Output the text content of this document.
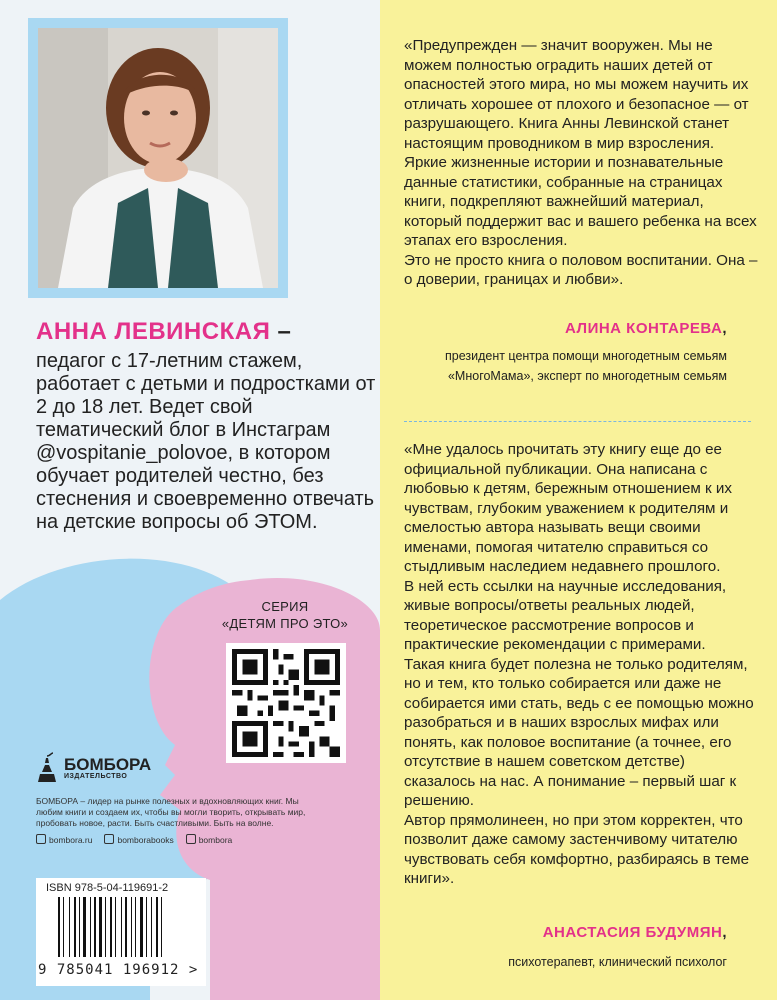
АННА ЛЕВИНСКАЯ –
педагог с 17-летним стажем, работает с детьми и подростками от 2 до 18 лет. Ведет свой тематический блог в Инстаграм @vospitanie_polovoe, в котором обучает родителей честно, без стеснения и своевременно отвечать на детские вопросы об ЭТОМ.
СЕРИЯ
«ДЕТЯМ ПРО ЭТО»
БОМБОРА
ИЗДАТЕЛЬСТВО
БОМБОРА – лидер на рынке полезных и вдохновляющих книг. Мы любим книги и создаем их, чтобы вы могли творить, открывать мир, пробовать новое, расти. Быть счастливыми. Быть на волне.
bombora.ru	bomborabooks	bombora
ISBN 978-5-04-119691-2
9 785041 196912 >

«Предупрежден — значит вооружен. Мы не можем полностью оградить наших детей от опасностей этого мира, но мы можем научить их отличать хорошее от плохого и безопасное — от разрушающего. Книга Анны Левинской станет настоящим проводником в мир взросления.

Яркие жизненные истории и познавательные данные статистики, собранные на страницах книги, подкрепляют важнейший материал, который поддержит вас и вашего ребенка на всех этапах его взросления.

Это не просто книга о половом воспитании. Она – о доверии, границах и любви».

АЛИНА КОНТАРЕВА,
президент центра помощи многодетным семьям «МногоМама», эксперт по многодетным семьям

«Мне удалось прочитать эту книгу еще до ее официальной публикации. Она написана с любовью к детям, бережным отношением к их чувствам, глубоким уважением к родителям и смелостью автора называть вещи своими именами, помогая читателю справиться со стыдливым наследием недавнего прошлого.

В ней есть ссылки на научные исследования, живые вопросы/ответы реальных людей, теоретическое рассмотрение вопросов и практические рекомендации с примерами.

Такая книга будет полезна не только родителям, но и тем, кто только собирается или даже не собирается ими стать, ведь с ее помощью можно разобраться и в наших взрослых мифах или понять, как половое воспитание (а точнее, его отсутствие в нашем советском детстве) сказалось на нас. А понимание – первый шаг к решению.

Автор прямолинеен, но при этом корректен, что позволит даже самому застенчивому читателю чувствовать себя комфортно, разбираясь в теме книги».

АНАСТАСИЯ БУДУМЯН,
психотерапевт, клинический психолог
